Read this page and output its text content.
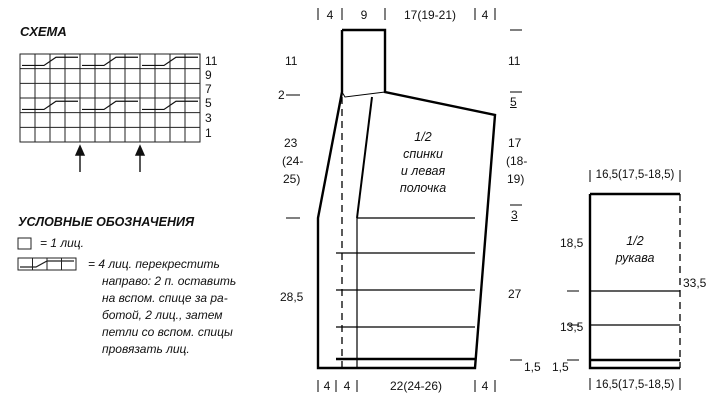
СХЕМА
11
9
7
5
3
1
УСЛОВНЫЕ ОБОЗНАЧЕНИЯ
= 1 лиц.
= 4 лиц. перекрестить
направо: 2 п. оставить
на вспом. спице за ра-
ботой, 2 лиц., затем
петли со вспом. спицы
провязать лиц.
4	9	17(19-21)	4
4	4	22(24-26)	4
11
2
23
(24-
25)
28,5
11
5
17
(18-
19)
3
27
1,5
1/2
спинки
и левая
полочка
16,5(17,5-18,5)
16,5(17,5-18,5)
18,5
13,5
1,5
33,5
1/2
рукава
